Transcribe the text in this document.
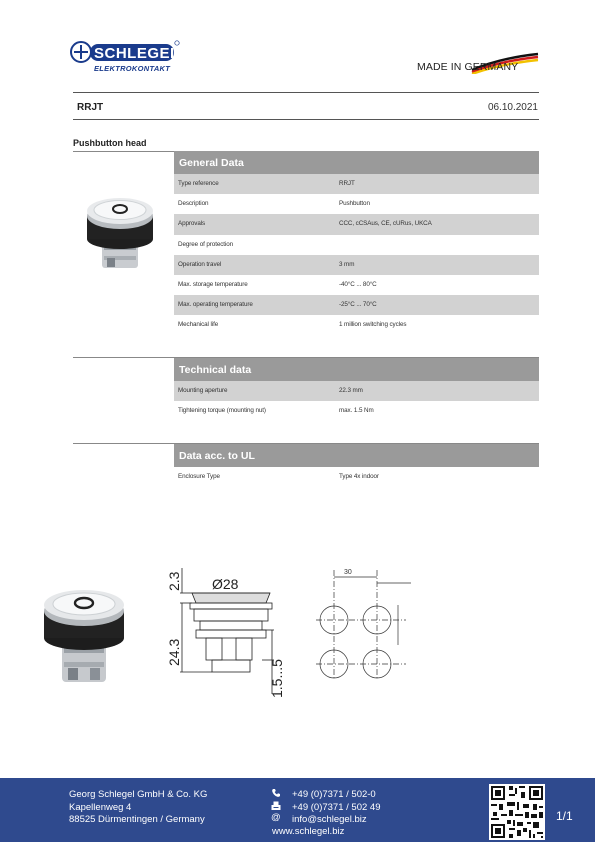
SCHLEGEL
ELEKTROKONTAKT	MADE IN GERMANY
RRJT	06.10.2021
Pushbutton head
General Data
Type reference	RRJT
Description	Pushbutton
Approvals	CCC, cCSAus, CE, cURus, UKCA
Degree of protection
Operation travel	3 mm
Max. storage temperature	-40°C ... 80°C
Max. operating temperature	-25°C ... 70°C
Mechanical life	1 million switching cycles
Technical data
Mounting aperture	22.3 mm
Tightening torque (mounting nut)	max. 1.5 Nm
Data acc. to UL
Enclosure Type	Type 4x indoor
2.3 Ø28
24.3
1.5...5
30
Georg Schlegel GmbH & Co. KG
Kapellenweg 4
88525 Dürmentingen / Germany	@
+49 (0)7371 / 502-0
+49 (0)7371 / 502 49
info@schlegel.biz
www.schlegel.biz
1/1
